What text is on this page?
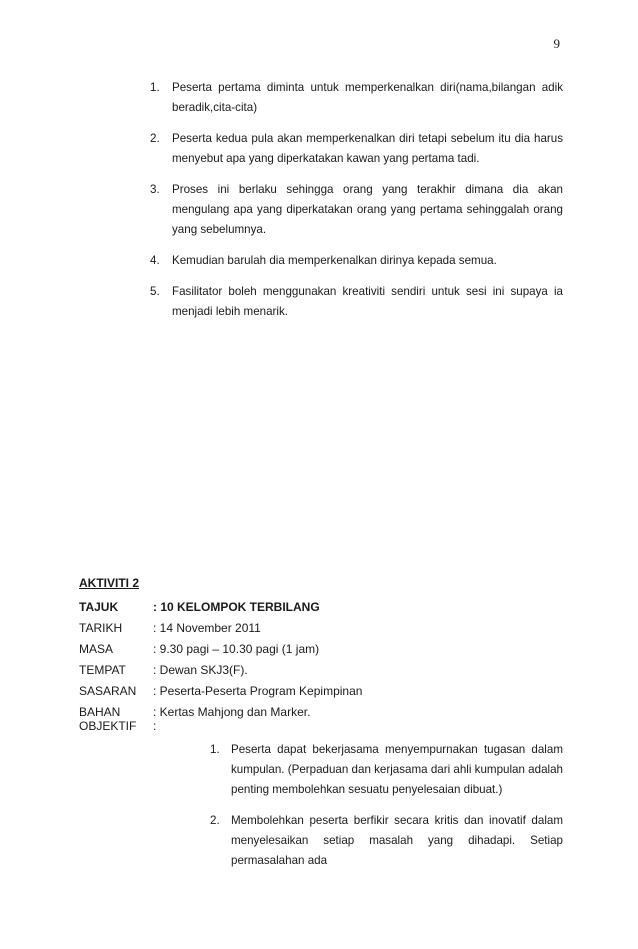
9
1. Peserta pertama diminta untuk memperkenalkan diri(nama,bilangan adik beradik,cita-cita)
2. Peserta kedua pula akan memperkenalkan diri tetapi sebelum itu dia harus menyebut apa yang diperkatakan kawan yang pertama tadi.
3. Proses ini berlaku sehingga orang yang terakhir dimana dia akan mengulang apa yang diperkatakan orang yang pertama sehinggalah orang yang sebelumnya.
4. Kemudian barulah dia memperkenalkan dirinya kepada semua.
5. Fasilitator boleh menggunakan kreativiti sendiri untuk sesi ini supaya ia menjadi lebih menarik.
AKTIVITI 2
TAJUK	: 10 KELOMPOK TERBILANG
TARIKH	: 14 November 2011
MASA	: 9.30 pagi – 10.30 pagi (1 jam)
TEMPAT	: Dewan SKJ3(F).
SASARAN	: Peserta-Peserta Program Kepimpinan
BAHAN	: Kertas Mahjong dan Marker.
OBJEKTIF	:
1. Peserta dapat bekerjasama menyempurnakan tugasan dalam kumpulan. (Perpaduan dan kerjasama dari ahli kumpulan adalah penting membolehkan sesuatu penyelesaian dibuat.)
2. Membolehkan peserta berfikir secara kritis dan inovatif dalam menyelesaikan setiap masalah yang dihadapi. Setiap permasalahan ada
